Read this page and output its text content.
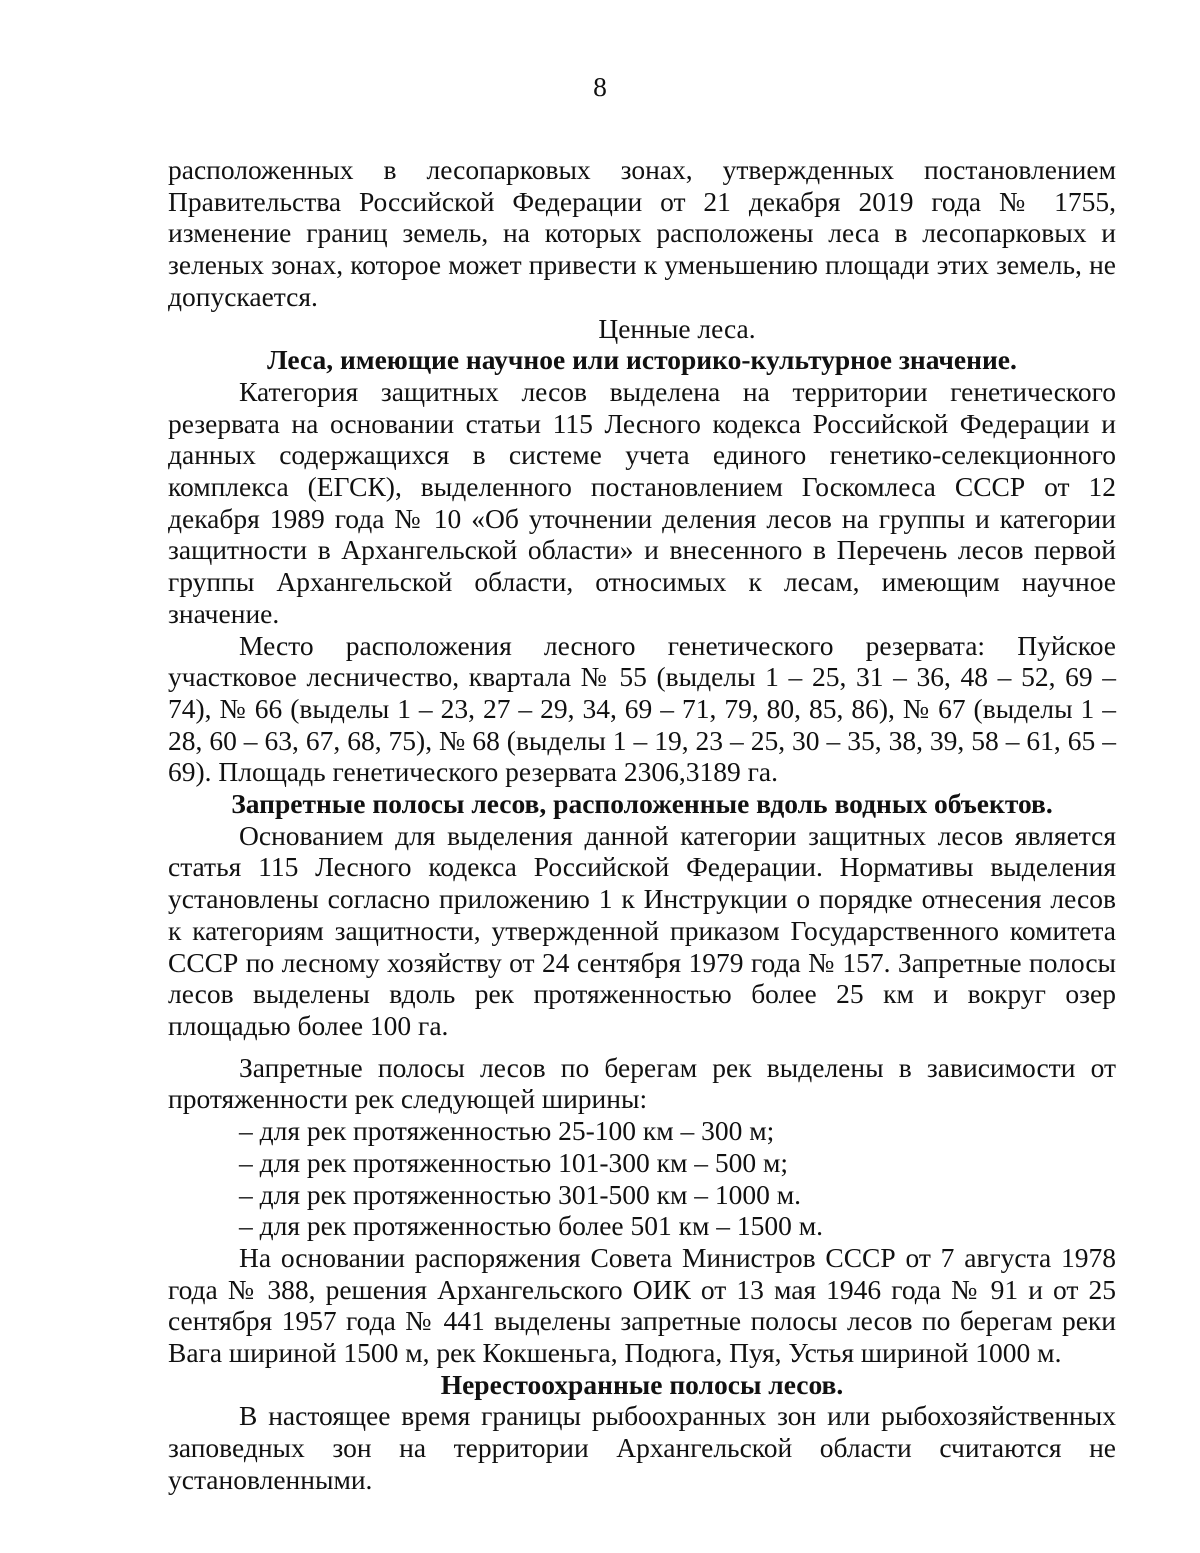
8

расположенных в лесопарковых зонах, утвержденных постановлением Правительства Российской Федерации от 21 декабря 2019 года № 1755, изменение границ земель, на которых расположены леса в лесопарковых и зеленых зонах, которое может привести к уменьшению площади этих земель, не допускается.

Ценные леса.
Леса, имеющие научное или историко-культурное значение.

Категория защитных лесов выделена на территории генетического резервата на основании статьи 115 Лесного кодекса Российской Федерации и данных содержащихся в системе учета единого генетико-селекционного комплекса (ЕГСК), выделенного постановлением Госкомлеса СССР от 12 декабря 1989 года № 10 «Об уточнении деления лесов на группы и категории защитности в Архангельской области» и внесенного в Перечень лесов первой группы Архангельской области, относимых к лесам, имеющим научное значение.

Место расположения лесного генетического резервата: Пуйское участковое лесничество, квартала № 55 (выделы 1 – 25, 31 – 36, 48 – 52, 69 – 74), № 66 (выделы 1 – 23, 27 – 29, 34, 69 – 71, 79, 80, 85, 86), № 67 (выделы 1 – 28, 60 – 63, 67, 68, 75), № 68 (выделы 1 – 19, 23 – 25, 30 – 35, 38, 39, 58 – 61, 65 – 69). Площадь генетического резервата 2306,3189 га.

Запретные полосы лесов, расположенные вдоль водных объектов.

Основанием для выделения данной категории защитных лесов является статья 115 Лесного кодекса Российской Федерации. Нормативы выделения установлены согласно приложению 1 к Инструкции о порядке отнесения лесов к категориям защитности, утвержденной приказом Государственного комитета СССР по лесному хозяйству от 24 сентября 1979 года № 157. Запретные полосы лесов выделены вдоль рек протяженностью более 25 км и вокруг озер площадью более 100 га.

Запретные полосы лесов по берегам рек выделены в зависимости от протяженности рек следующей ширины:

– для рек протяженностью 25-100 км – 300 м;
– для рек протяженностью 101-300 км – 500 м;
– для рек протяженностью 301-500 км – 1000 м.
– для рек протяженностью более 501 км – 1500 м.

На основании распоряжения Совета Министров СССР от 7 августа 1978 года № 388, решения Архангельского ОИК от 13 мая 1946 года № 91 и от 25 сентября 1957 года № 441 выделены запретные полосы лесов по берегам реки Вага шириной 1500 м, рек Кокшеньга, Подюга, Пуя, Устья шириной 1000 м.

Нерестоохранные полосы лесов.

В настоящее время границы рыбоохранных зон или рыбохозяйственных заповедных зон на территории Архангельской области считаются не установленными.
